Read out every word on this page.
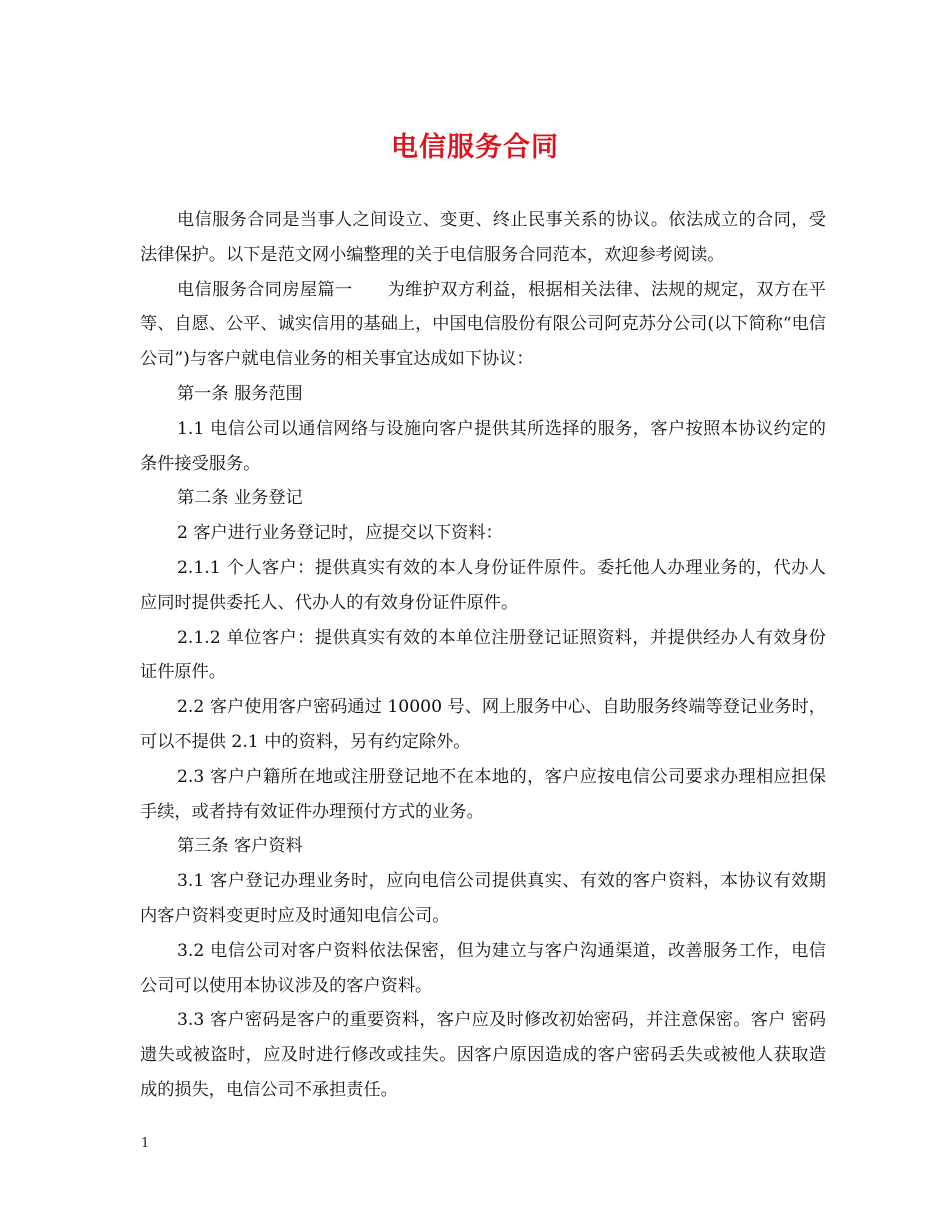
电信服务合同

电信服务合同是当事人之间设立、变更、终止民事关系的协议。依法成立的合同，受法律保护。以下是范文网小编整理的关于电信服务合同范本，欢迎参考阅读。

电信服务合同房屋篇一　　为维护双方利益，根据相关法律、法规的规定，双方在平等、自愿、公平、诚实信用的基础上，中国电信股份有限公司阿克苏分公司(以下简称“电信公司”)与客户就电信业务的相关事宜达成如下协议：

第一条 服务范围

1.1 电信公司以通信网络与设施向客户提供其所选择的服务，客户按照本协议约定的条件接受服务。

第二条 业务登记

2 客户进行业务登记时，应提交以下资料：

2.1.1 个人客户：提供真实有效的本人身份证件原件。委托他人办理业务的，代办人应同时提供委托人、代办人的有效身份证件原件。

2.1.2 单位客户：提供真实有效的本单位注册登记证照资料，并提供经办人有效身份证件原件。

2.2 客户使用客户密码通过 10000 号、网上服务中心、自助服务终端等登记业务时，可以不提供 2.1 中的资料，另有约定除外。

2.3 客户户籍所在地或注册登记地不在本地的，客户应按电信公司要求办理相应担保手续，或者持有效证件办理预付方式的业务。

第三条 客户资料

3.1 客户登记办理业务时，应向电信公司提供真实、有效的客户资料，本协议有效期内客户资料变更时应及时通知电信公司。

3.2 电信公司对客户资料依法保密，但为建立与客户沟通渠道，改善服务工作，电信公司可以使用本协议涉及的客户资料。

3.3 客户密码是客户的重要资料，客户应及时修改初始密码，并注意保密。客户 密码遗失或被盗时，应及时进行修改或挂失。因客户原因造成的客户密码丢失或被他人获取造成的损失，电信公司不承担责任。

1
